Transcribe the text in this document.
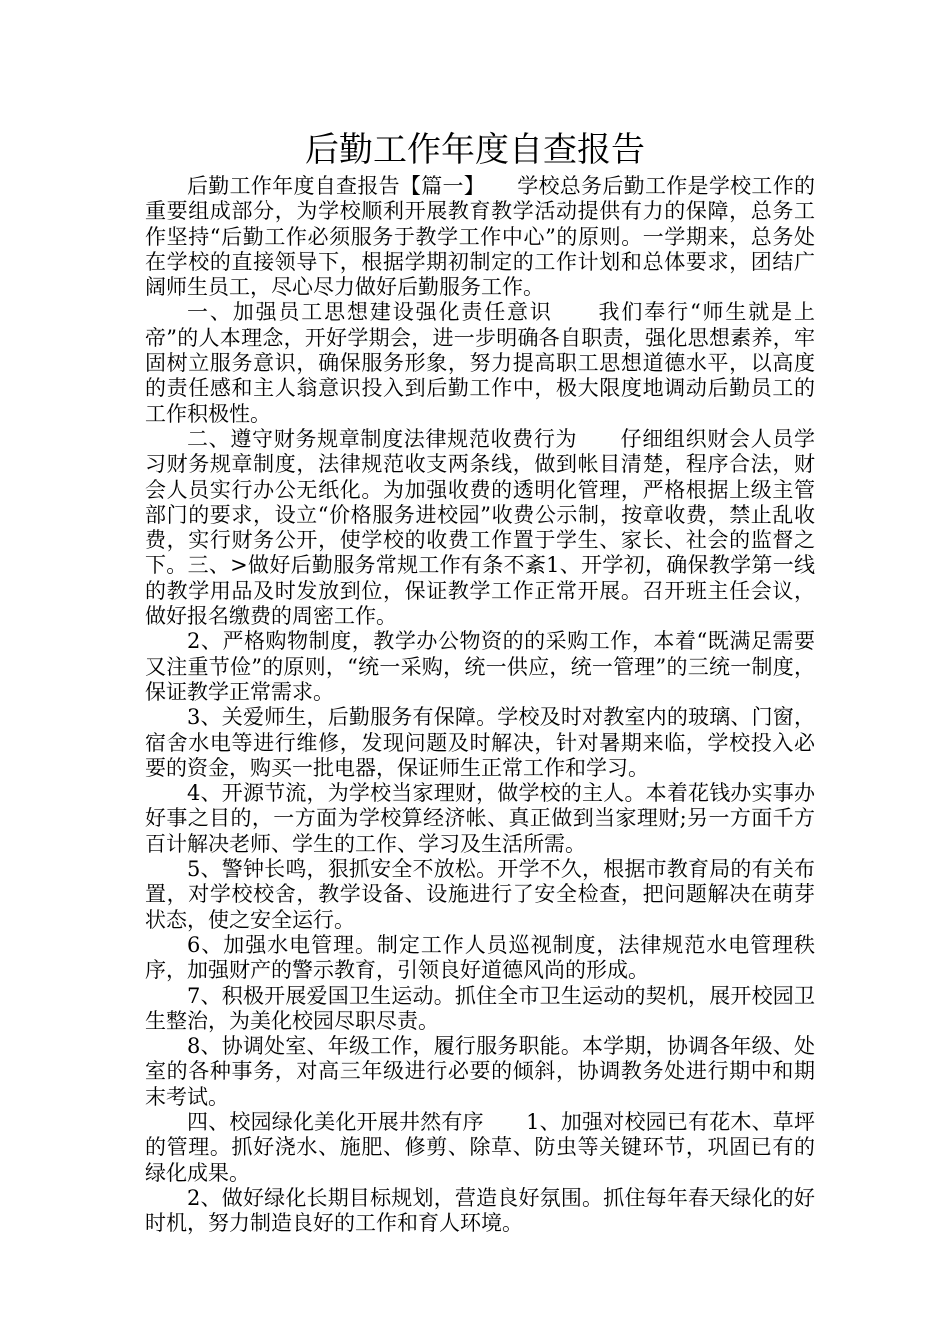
后勤工作年度自查报告

后勤工作年度自查报告【篇一】　　学校总务后勤工作是学校工作的重要组成部分，为学校顺利开展教育教学活动提供有力的保障，总务工作坚持“后勤工作必须服务于教学工作中心”的原则。一学期来，总务处在学校的直接领导下，根据学期初制定的工作计划和总体要求，团结广阔师生员工，尽心尽力做好后勤服务工作。

一、加强员工思想建设强化责任意识　　我们奉行“师生就是上帝”的人本理念，开好学期会，进一步明确各自职责，强化思想素养，牢固树立服务意识，确保服务形象，努力提高职工思想道德水平，以高度的责任感和主人翁意识投入到后勤工作中，极大限度地调动后勤员工的工作积极性。

二、遵守财务规章制度法律规范收费行为　　仔细组织财会人员学习财务规章制度，法律规范收支两条线，做到帐目清楚，程序合法，财会人员实行办公无纸化。为加强收费的透明化管理，严格根据上级主管部门的要求，设立“价格服务进校园”收费公示制，按章收费，禁止乱收费，实行财务公开，使学校的收费工作置于学生、家长、社会的监督之下。三、>做好后勤服务常规工作有条不紊1、开学初，确保教学第一线的教学用品及时发放到位，保证教学工作正常开展。召开班主任会议，做好报名缴费的周密工作。

2、严格购物制度，教学办公物资的的采购工作，本着“既满足需要又注重节俭”的原则，“统一采购，统一供应，统一管理”的三统一制度，保证教学正常需求。

3、关爱师生，后勤服务有保障。学校及时对教室内的玻璃、门窗，宿舍水电等进行维修，发现问题及时解决，针对暑期来临，学校投入必要的资金，购买一批电器，保证师生正常工作和学习。

4、开源节流，为学校当家理财，做学校的主人。本着花钱办实事办好事之目的，一方面为学校算经济帐、真正做到当家理财;另一方面千方百计解决老师、学生的工作、学习及生活所需。

5、警钟长鸣，狠抓安全不放松。开学不久，根据市教育局的有关布置，对学校校舍，教学设备、设施进行了安全检查，把问题解决在萌芽状态，使之安全运行。

6、加强水电管理。制定工作人员巡视制度，法律规范水电管理秩序，加强财产的警示教育，引领良好道德风尚的形成。

7、积极开展爱国卫生运动。抓住全市卫生运动的契机，展开校园卫生整治，为美化校园尽职尽责。

8、协调处室、年级工作，履行服务职能。本学期，协调各年级、处室的各种事务，对高三年级进行必要的倾斜，协调教务处进行期中和期末考试。

四、校园绿化美化开展井然有序　　1、加强对校园已有花木、草坪的管理。抓好浇水、施肥、修剪、除草、防虫等关键环节，巩固已有的绿化成果。

2、做好绿化长期目标规划，营造良好氛围。抓住每年春天绿化的好时机，努力制造良好的工作和育人环境。
